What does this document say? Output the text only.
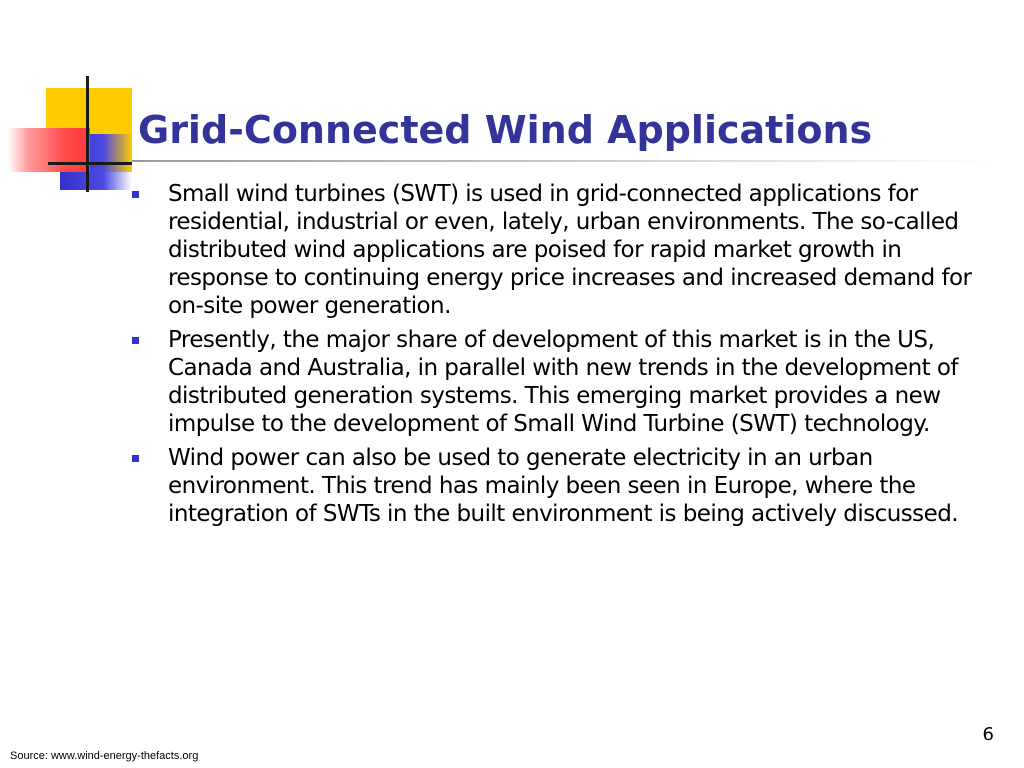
Grid-Connected Wind Applications
Small wind turbines (SWT) is used in grid-connected applications for residential, industrial or even, lately, urban environments. The so-called distributed wind applications are poised for rapid market growth in response to continuing energy price increases and increased demand for on-site power generation.
Presently, the major share of development of this market is in the US, Canada and Australia, in parallel with new trends in the development of distributed generation systems. This emerging market provides a new impulse to the development of Small Wind Turbine (SWT) technology.
Wind power can also be used to generate electricity in an urban environment. This trend has mainly been seen in Europe, where the integration of SWTs in the built environment is being actively discussed.
6
Source: www.wind-energy-thefacts.org
